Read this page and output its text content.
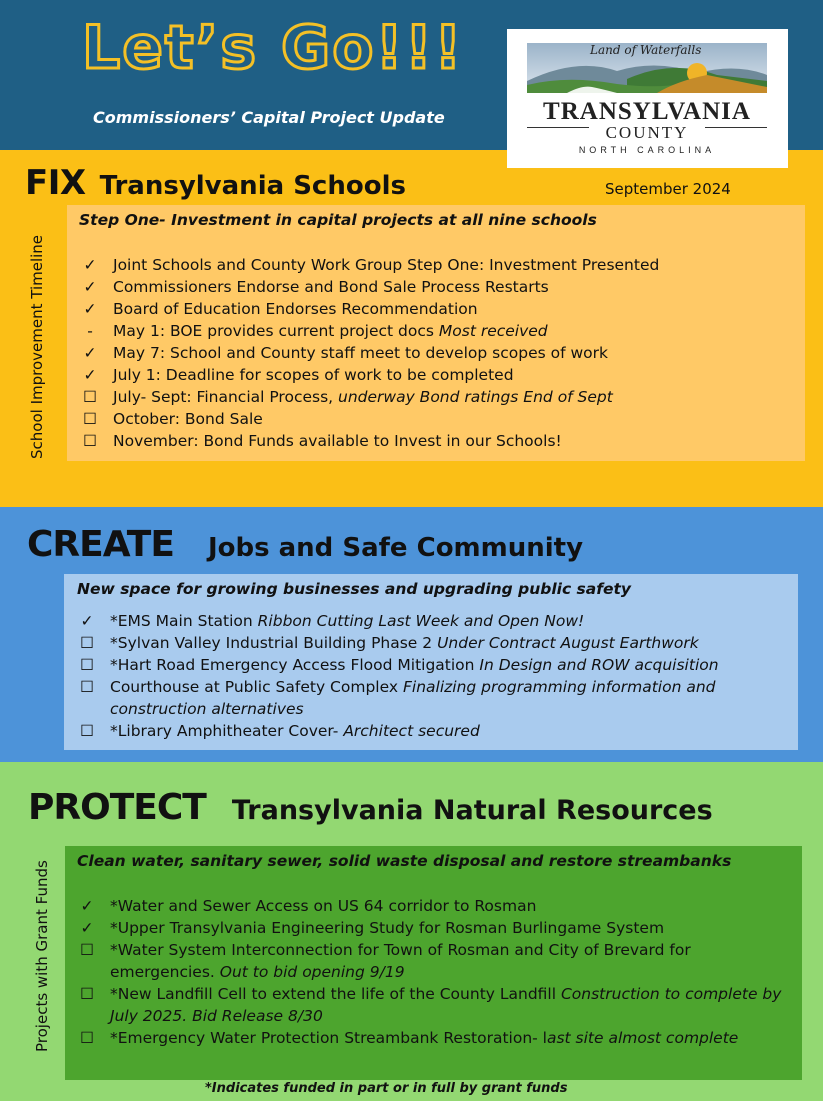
Let’s Go!!!
Commissioners’ Capital Project Update
Land of Waterfalls
TRANSYLVANIA
COUNTY
NORTH CAROLINA
FIX Transylvania Schools	September 2024
School Improvement Timeline
Step One- Investment in capital projects at all nine schools
✓ Joint Schools and County Work Group Step One: Investment Presented
✓ Commissioners Endorse and Bond Sale Process Restarts
✓ Board of Education Endorses Recommendation
-	May 1: BOE provides current project docs Most received
✓ May 7: School and County staff meet to develop scopes of work
✓ July 1: Deadline for scopes of work to be completed
☐ July- Sept: Financial Process, underway Bond ratings End of Sept
☐ October: Bond Sale
☐ November: Bond Funds available to Invest in our Schools!
CREATE Jobs and Safe Community
New space for growing businesses and upgrading public safety
✓ *EMS Main Station Ribbon Cutting Last Week and Open Now!
☐ *Sylvan Valley Industrial Building Phase 2 Under Contract August Earthwork
☐ *Hart Road Emergency Access Flood Mitigation In Design and ROW acquisition
☐ Courthouse at Public Safety Complex Finalizing programming information and construction alternatives
☐ *Library Amphitheater Cover- Architect secured
PROTECT Transylvania Natural Resources
Projects with Grant Funds Clean water, sanitary sewer, solid waste disposal and restore streambanks
✓ *Water and Sewer Access on US 64 corridor to Rosman
✓ *Upper Transylvania Engineering Study for Rosman Burlingame System
☐ *Water System Interconnection for Town of Rosman and City of Brevard for emergencies. Out to bid opening 9/19
☐ *New Landfill Cell to extend the life of the County Landfill Construction to complete by July 2025. Bid Release 8/30
☐ *Emergency Water Protection Streambank Restoration- last site almost complete
*Indicates funded in part or in full by grant funds
